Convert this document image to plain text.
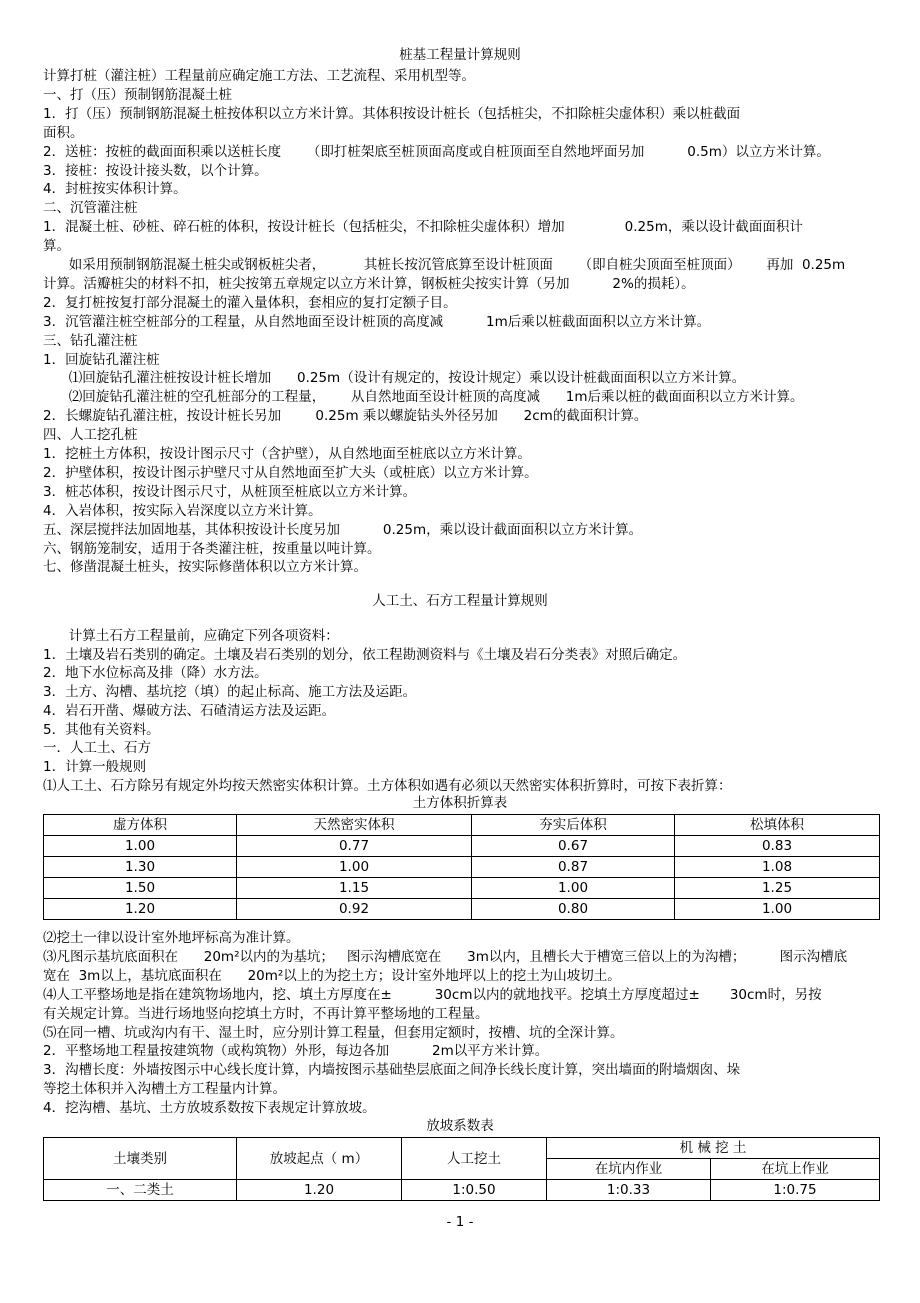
桩基工程量计算规则
计算打桩（灌注桩）工程量前应确定施工方法、工艺流程、采用机型等。
一、打（压）预制钢筋混凝土桩
1．打（压）预制钢筋混凝土桩按体积以立方米计算。其体积按设计桩长（包括桩尖，不扣除桩尖虚体积）乘以桩截面
面积。
2．送桩：按桩的截面面积乘以送桩长度      （即打桩架底至桩顶面高度或自桩顶面至自然地坪面另加          0.5m）以立方米计算。
3．接桩：按设计接头数，以个计算。
4．封桩按实体积计算。
二、沉管灌注桩
1．混凝土桩、砂桩、碎石桩的体积，按设计桩长（包括桩尖，不扣除桩尖虚体积）增加              0.25m，乘以设计截面面积计
算。
如采用预制钢筋混凝土桩尖或钢板桩尖者，         其桩长按沉管底算至设计桩顶面      （即自桩尖顶面至桩顶面）      再加  0.25m
计算。活瓣桩尖的材料不扣，桩尖按第五章规定以立方米计算，钢板桩尖按实计算（另加          2%的损耗）。
2．复打桩按复打部分混凝土的灌入量体积，套相应的复打定额子目。
3．沉管灌注桩空桩部分的工程量，从自然地面至设计桩顶的高度减          1m后乘以桩截面面积以立方米计算。
三、钻孔灌注桩
1．回旋钻孔灌注桩
⑴回旋钻孔灌注桩按设计桩长增加      0.25m（设计有规定的，按设计规定）乘以设计桩截面面积以立方米计算。
⑵回旋钻孔灌注桩的空孔桩部分的工程量，      从自然地面至设计桩顶的高度减      1m后乘以桩的截面面积以立方米计算。
2．长螺旋钻孔灌注桩，按设计桩长另加        0.25m 乘以螺旋钻头外径另加      2cm的截面积计算。
四、人工挖孔桩
1．挖桩土方体积，按设计图示尺寸（含护壁），从自然地面至桩底以立方米计算。
2．护壁体积，按设计图示护壁尺寸从自然地面至扩大头（或桩底）以立方米计算。
3．桩芯体积，按设计图示尺寸，从桩顶至桩底以立方米计算。
4．入岩体积，按实际入岩深度以立方米计算。
五、深层搅拌法加固地基，其体积按设计长度另加          0.25m，乘以设计截面面积以立方米计算。
六、钢筋笼制安，适用于各类灌注桩，按重量以吨计算。
七、修凿混凝土桩头，按实际修凿体积以立方米计算。
人工土、石方工程量计算规则
计算土石方工程量前，应确定下列各项资料：
1．土壤及岩石类别的确定。土壤及岩石类别的划分，依工程勘测资料与《土壤及岩石分类表》对照后确定。
2．地下水位标高及排（降）水方法。
3．土方、沟槽、基坑挖（填）的起止标高、施工方法及运距。
4．岩石开凿、爆破方法、石碴清运方法及运距。
5．其他有关资料。
一．人工土、石方
1．计算一般规则
⑴人工土、石方除另有规定外均按天然密实体积计算。土方体积如遇有必须以天然密实体积折算时，可按下表折算：
土方体积折算表
虚方体积	天然密实体积	夯实后体积	松填体积
1.00	0.77	0.67	0.83
1.30	1.00	0.87	1.08
1.50	1.15	1.00	1.25
1.20	0.92	0.80	1.00
⑵挖土一律以设计室外地坪标高为准计算。
⑶凡图示基坑底面积在      20m²以内的为基坑；   图示沟槽底宽在      3m以内，且槽长大于槽宽三倍以上的为沟槽；        图示沟槽底
宽在  3m以上，基坑底面积在      20m²以上的为挖土方；设计室外地坪以上的挖土为山坡切土。
⑷人工平整场地是指在建筑物场地内，挖、填土方厚度在±          30cm以内的就地找平。挖填土方厚度超过±       30cm时，另按
有关规定计算。当进行场地竖向挖填土方时，不再计算平整场地的工程量。
⑸在同一槽、坑或沟内有干、湿土时，应分别计算工程量，但套用定额时，按槽、坑的全深计算。
2．平整场地工程量按建筑物（或构筑物）外形，每边各加          2m以平方米计算。
3．沟槽长度：外墙按图示中心线长度计算，内墙按图示基础垫层底面之间净长线长度计算，突出墙面的附墙烟囱、垛
等挖土体积并入沟槽土方工程量内计算。
4．挖沟槽、基坑、土方放坡系数按下表规定计算放坡。
放坡系数表
土壤类别	放坡起点（ m）	人工挖土	机 械 挖 土	
			在坑内作业	在坑上作业
一、二类土	1.20	1:0.50	1:0.33	1:0.75
- 1 -
